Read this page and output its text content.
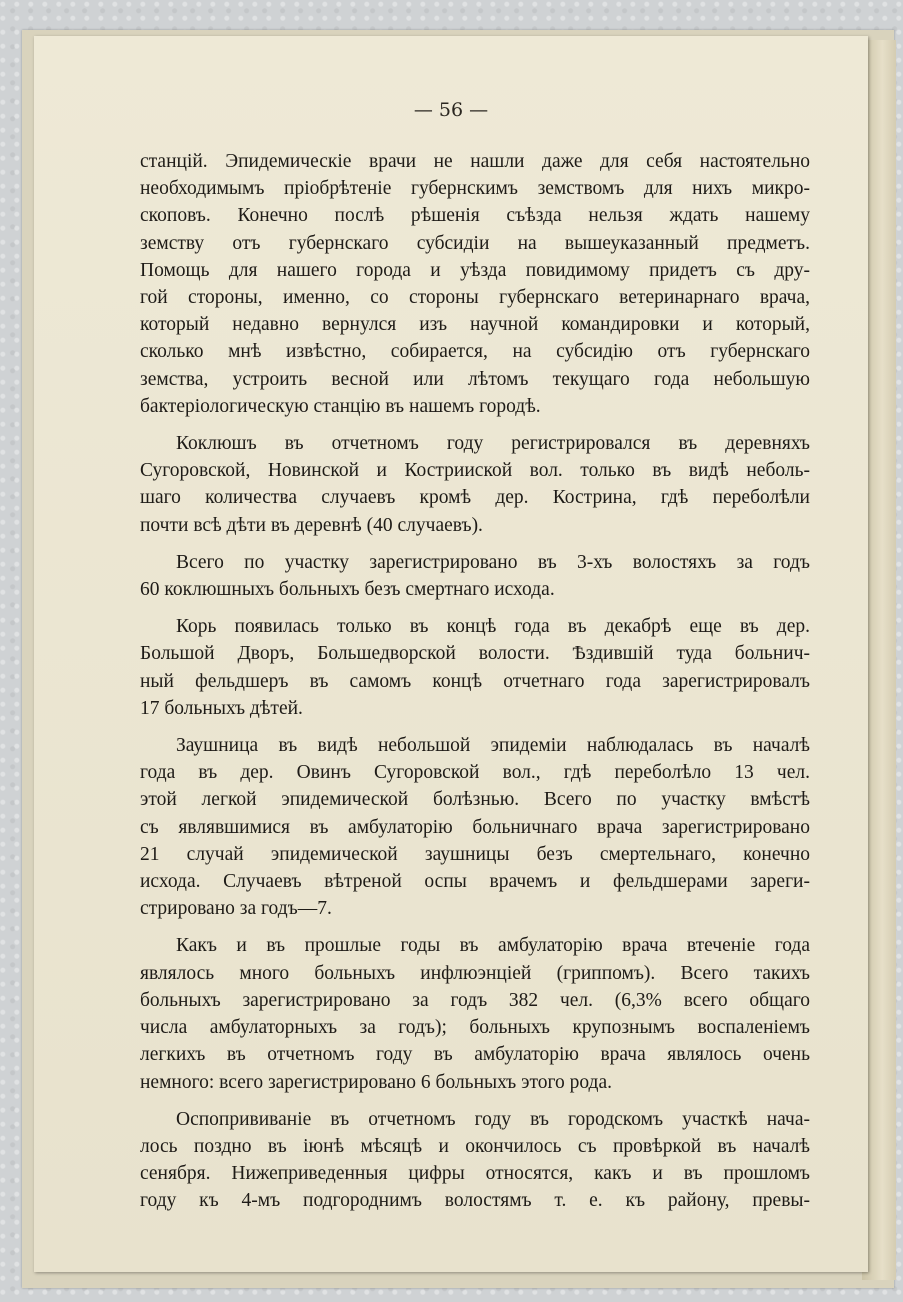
— 56 —
станцій. Эпидемическіе врачи не нашли даже для себя настоятельно
необходимымъ пріобрѣтеніе губернскимъ земствомъ для нихъ микро-
скоповъ. Конечно послѣ рѣшенія съѣзда нельзя ждать нашему
земству отъ губернскаго субсидіи на вышеуказанный предметъ.
Помощь для нашего города и уѣзда повидимому придетъ съ дру-
гой стороны, именно, со стороны губернскаго ветеринарнаго врача,
который недавно вернулся изъ научной командировки и который,
сколько мнѣ извѣстно, собирается, на субсидію отъ губернскаго
земства, устроить весной или лѣтомъ текущаго года небольшую
бактеріологическую станцію въ нашемъ городѣ.
Коклюшъ въ отчетномъ году регистрировался въ деревняхъ
Сугоровской, Новинской и Кострииской вол. только въ видѣ неболь-
шаго количества случаевъ кромѣ дер. Кострина, гдѣ переболѣли
почти всѣ дѣти въ деревнѣ (40 случаевъ).
Всего по участку зарегистрировано въ 3-хъ волостяхъ за годъ
60 коклюшныхъ больныхъ безъ смертнаго исхода.
Корь появилась только въ концѣ года въ декабрѣ еще въ дер.
Большой Дворъ, Большедворской волости. Ѣздившій туда больнич-
ный фельдшеръ въ самомъ концѣ отчетнаго года зарегистрировалъ
17 больныхъ дѣтей.
Заушница въ видѣ небольшой эпидеміи наблюдалась въ началѣ
года въ дер. Овинъ Сугоровской вол., гдѣ переболѣло 13 чел.
этой легкой эпидемической болѣзнью. Всего по участку вмѣстѣ
съ являвшимися въ амбулаторію больничнаго врача зарегистрировано
21 случай эпидемической заушницы безъ смертельнаго, конечно
исхода. Случаевъ вѣтреной оспы врачемъ и фельдшерами зареги-
стрировано за годъ—7.
Какъ и въ прошлые годы въ амбулаторію врача втеченіе года
являлось много больныхъ инфлюэнціей (гриппомъ). Всего такихъ
больныхъ зарегистрировано за годъ 382 чел. (6,3% всего общаго
числа амбулаторныхъ за годъ); больныхъ крупознымъ воспаленіемъ
легкихъ въ отчетномъ году въ амбулаторію врача являлось очень
немного: всего зарегистрировано 6 больныхъ этого рода.
Оспопрививаніе въ отчетномъ году въ городскомъ участкѣ нача-
лось поздно въ іюнѣ мѣсяцѣ и окончилось съ провѣркой въ началѣ
сенября. Нижеприведенныя цифры относятся, какъ и въ прошломъ
году къ 4-мъ подгороднимъ волостямъ т. е. къ району, превы-
